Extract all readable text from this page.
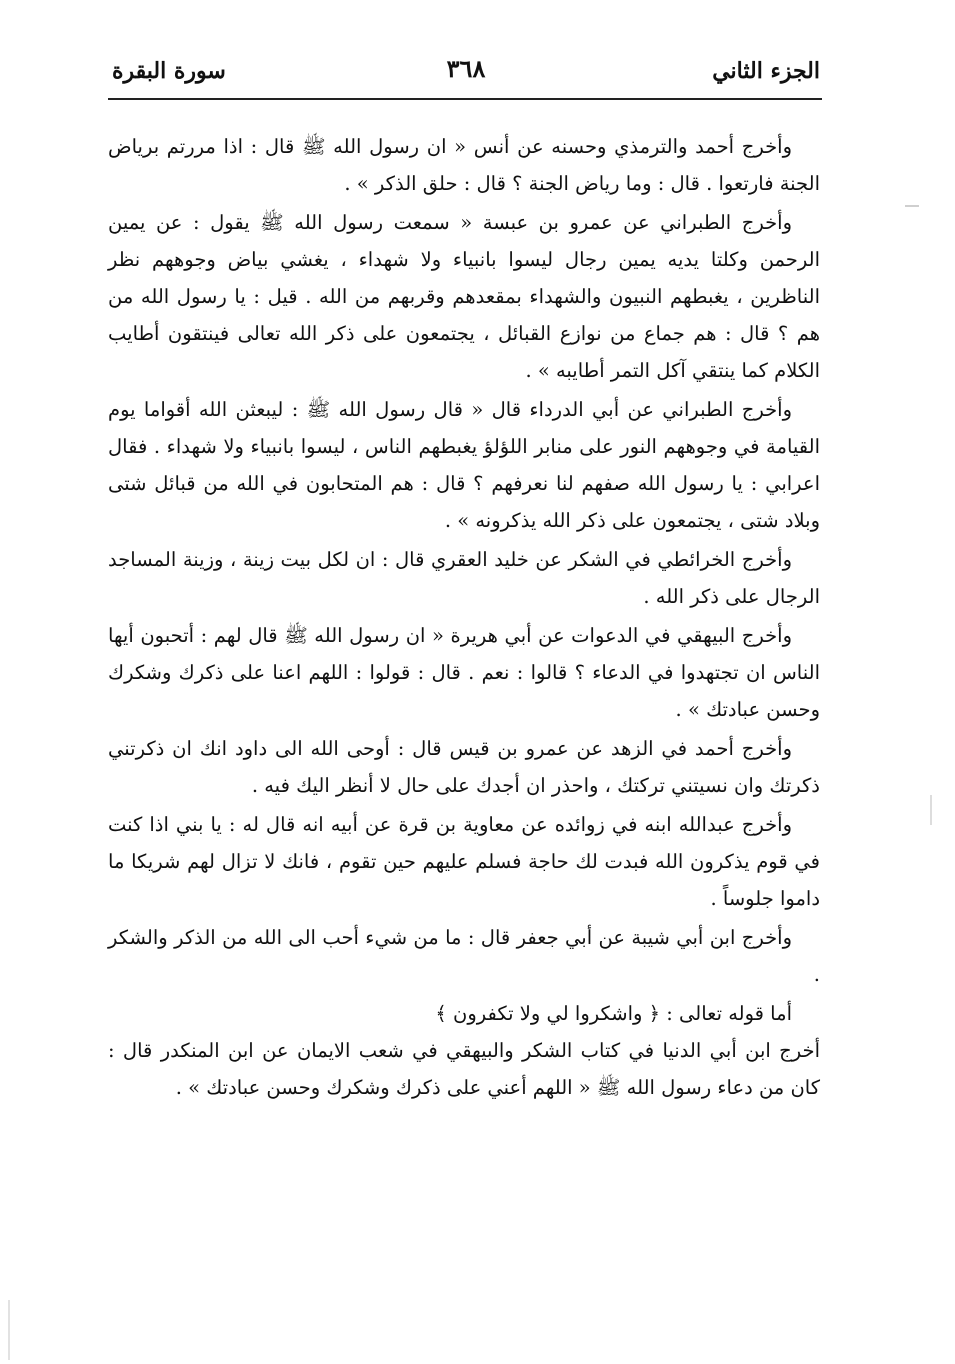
الجزء الثاني
٣٦٨
سورة البقرة

وأخرج أحمد والترمذي وحسنه عن أنس « ان رسول الله ﷺ قال : اذا مررتم برياض الجنة فارتعوا . قال : وما رياض الجنة ؟ قال : حلق الذكر » .

وأخرج الطبراني عن عمرو بن عبسة « سمعت رسول الله ﷺ يقول : عن يمين الرحمن وكلتا يديه يمين رجال ليسوا بانبياء ولا شهداء ، يغشي بياض وجوههم نظر الناظرين ، يغبطهم النبيون والشهداء بمقعدهم وقربهم من الله . قيل : يا رسول الله من هم ؟ قال : هم جماع من نوازع القبائل ، يجتمعون على ذكر الله تعالى فينتقون أطايب الكلام كما ينتقي آكل التمر أطايبه » .

وأخرج الطبراني عن أبي الدرداء قال « قال رسول الله ﷺ : ليبعثن الله أقواما يوم القيامة في وجوههم النور على منابر اللؤلؤ يغبطهم الناس ، ليسوا بانبياء ولا شهداء . فقال اعرابي : يا رسول الله صفهم لنا نعرفهم ؟ قال : هم المتحابون في الله من قبائل شتى وبلاد شتى ، يجتمعون على ذكر الله يذكرونه » .

وأخرج الخرائطي في الشكر عن خليد العقري قال : ان لكل بيت زينة ، وزينة المساجد الرجال على ذكر الله .

وأخرج البيهقي في الدعوات عن أبي هريرة « ان رسول الله ﷺ قال لهم : أتحبون أيها الناس ان تجتهدوا في الدعاء ؟ قالوا : نعم . قال : قولوا : اللهم اعنا على ذكرك وشكرك وحسن عبادتك » .

وأخرج أحمد في الزهد عن عمرو بن قيس قال : أوحى الله الى داود انك ان ذكرتني ذكرتك وان نسيتني تركتك ، واحذر ان أجدك على حال لا أنظر اليك فيه .

وأخرج عبدالله ابنه في زوائده عن معاوية بن قرة عن أبيه انه قال له : يا بني اذا كنت في قوم يذكرون الله فبدت لك حاجة فسلم عليهم حين تقوم ، فانك لا تزال لهم شريكا ما داموا جلوساً .

وأخرج ابن أبي شيبة عن أبي جعفر قال : ما من شيء أحب الى الله من الذكر والشكر .

أما قوله تعالى : ﴿ واشكروا لي ولا تكفرون ﴾

أخرج ابن أبي الدنيا في كتاب الشكر والبيهقي في شعب الايمان عن ابن المنكدر قال : كان من دعاء رسول الله ﷺ « اللهم أعني على ذكرك وشكرك وحسن عبادتك » .
